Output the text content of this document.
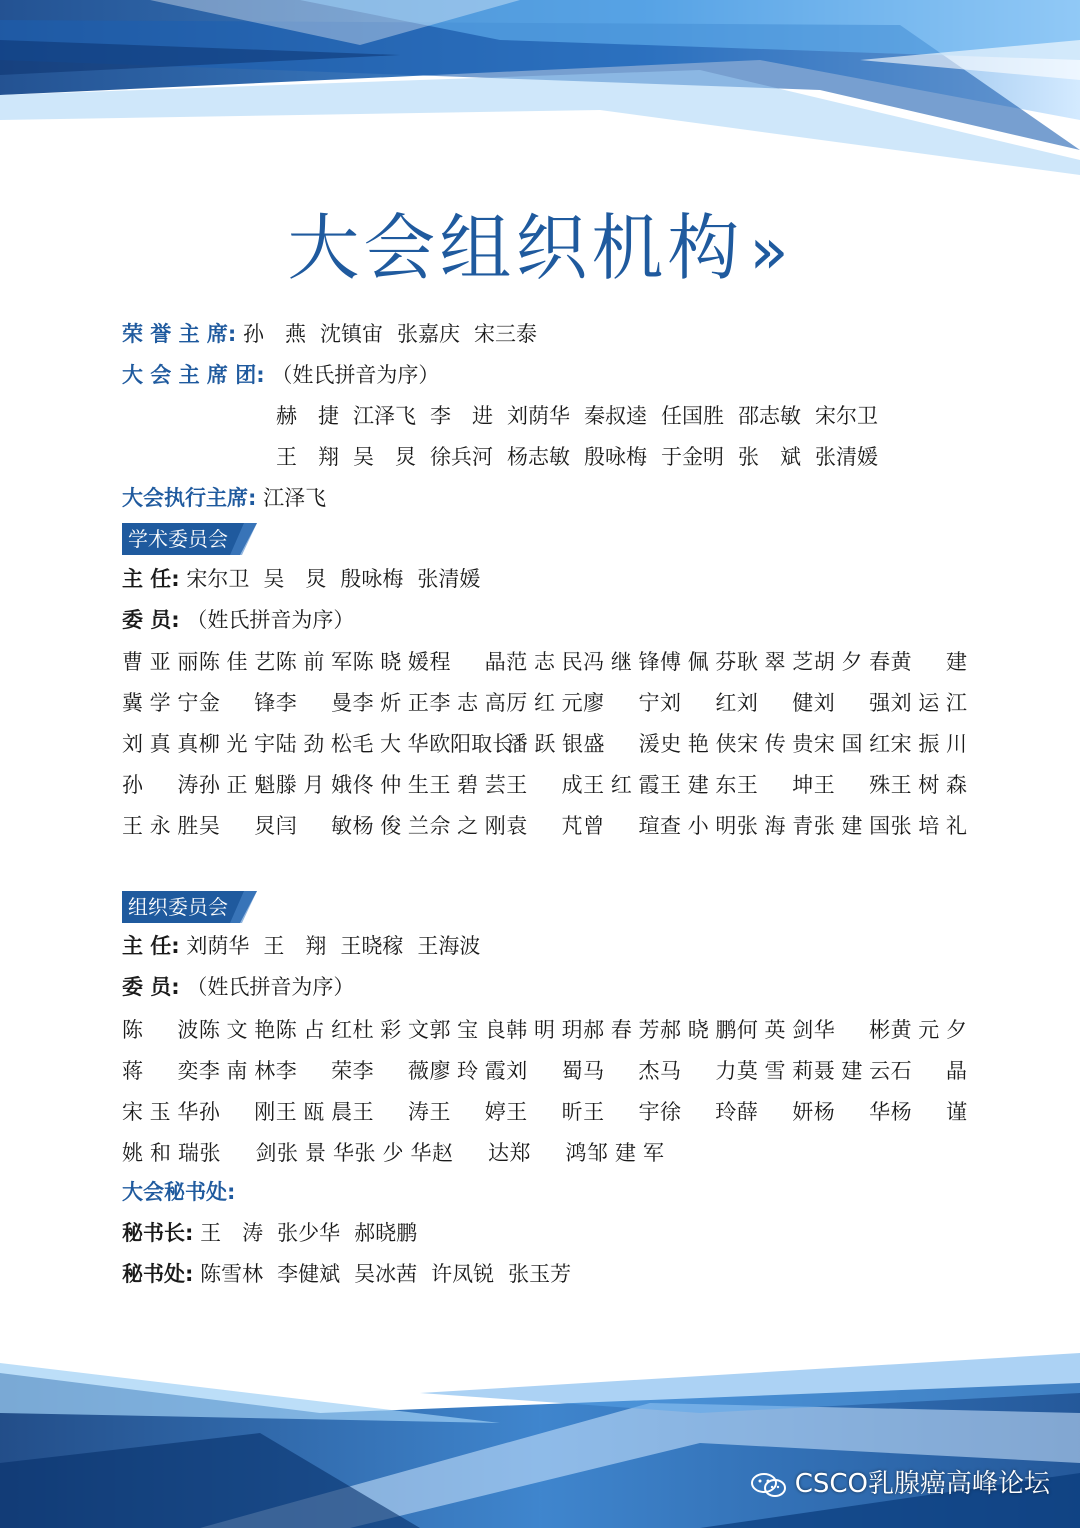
大会组织机构»
荣 誉 主 席: 孙　燕 沈镇宙 张嘉庆 宋三泰
大 会 主 席 团: （姓氏拼音为序）
赫　捷 江泽飞 李　进 刘荫华 秦叔逵 任国胜 邵志敏 宋尔卫
王　翔 吴　炅 徐兵河 杨志敏 殷咏梅 于金明 张　斌 张清媛
大会执行主席: 江泽飞
学术委员会
主 任: 宋尔卫 吴　炅 殷咏梅 张清媛
委 员: （姓氏拼音为序）
曹亚丽 陈佳艺 陈前军 陈晓媛 程　晶 范志民 冯继锋 傅佩芬 耿翠芝 胡夕春 黄　建
冀学宁 金　锋 李　曼 李炘正 李志高 厉红元 廖　宁 刘　红 刘　健 刘　强 刘运江
刘真真 柳光宇 陆劲松 毛大华 欧阳取长
潘跃银 盛　湲 史艳侠 宋传贵 宋国红 宋振川
孙　涛 孙正魁 滕月娥 佟仲生 王碧芸 王　成 王红霞 王建东 王　坤 王　殊 王树森
王永胜 吴　炅 闫　敏 杨俊兰 佘之刚 袁　芃 曾　瑄 查小明 张海青 张建国 张培礼
组织委员会
主 任: 刘荫华 王　翔 王晓稼 王海波
委 员: （姓氏拼音为序）
陈　波 陈文艳 陈占红 杜彩文 郭宝良 韩明玥 郝春芳 郝晓鹏 何英剑 华　彬 黄元夕
蒋　奕 李南林 李　荣 李　薇 廖玲霞 刘　蜀 马　杰 马　力 莫雪莉 聂建云 石　晶
宋玉华 孙　刚 王瓯晨 王　涛 王　婷 王　昕 王　宇 徐　玲 薛　妍 杨　华 杨　谨
姚和瑞 张　剑 张景华 张少华 赵　达 郑　鸿 邹建军
大会秘书处:
秘书长: 王　涛 张少华 郝晓鹏
秘书处: 陈雪林 李健斌 吴冰茜 许凤锐 张玉芳
CSCO乳腺癌高峰论坛
